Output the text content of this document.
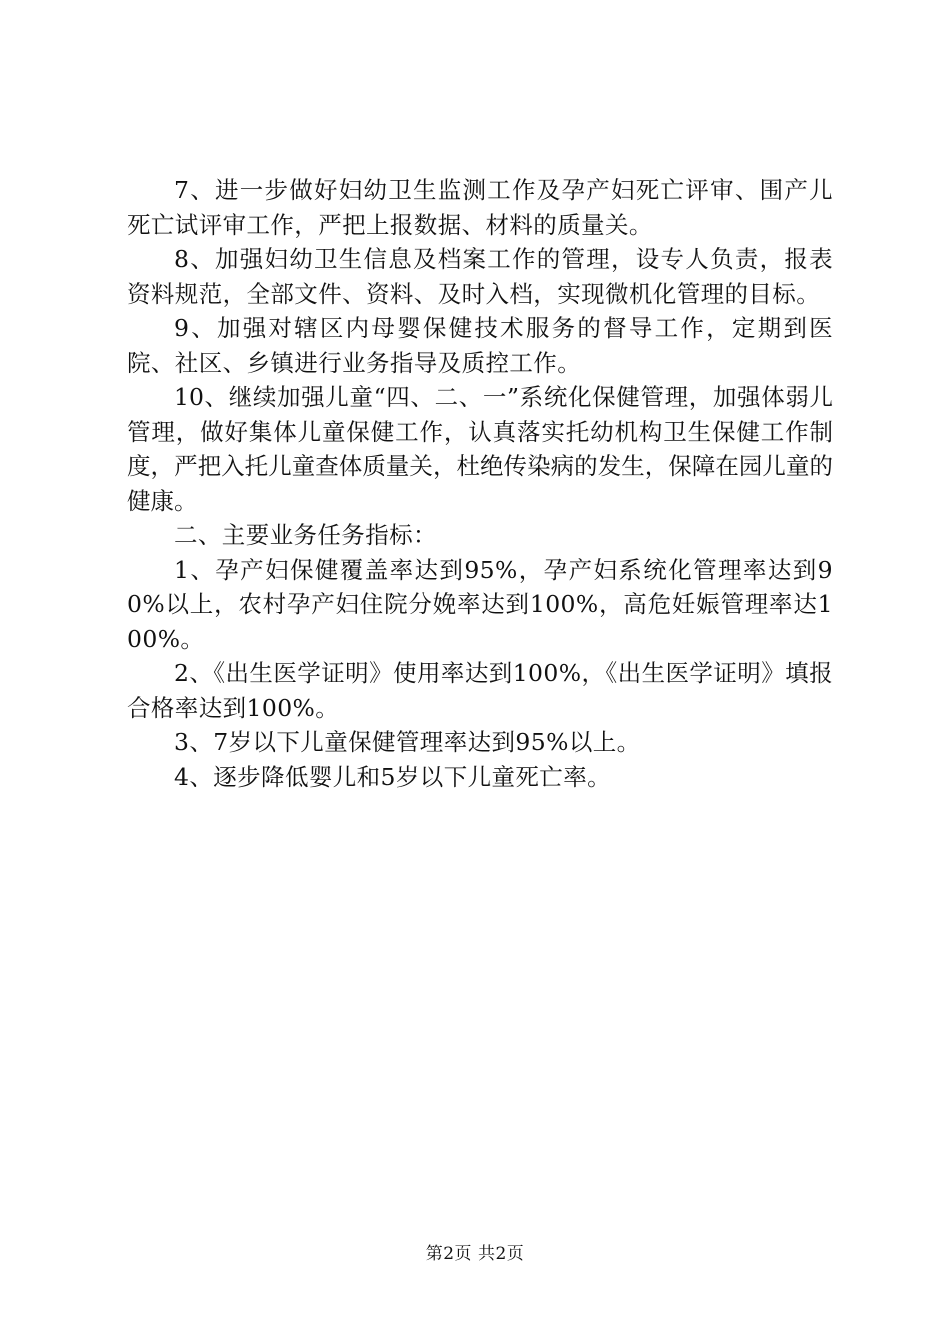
7、进一步做好妇幼卫生监测工作及孕产妇死亡评审、围产儿死亡试评审工作，严把上报数据、材料的质量关。

8、加强妇幼卫生信息及档案工作的管理，设专人负责，报表资料规范，全部文件、资料、及时入档，实现微机化管理的目标。

9、加强对辖区内母婴保健技术服务的督导工作，定期到医院、社区、乡镇进行业务指导及质控工作。

10、继续加强儿童“四、二、一”系统化保健管理，加强体弱儿管理，做好集体儿童保健工作，认真落实托幼机构卫生保健工作制度，严把入托儿童查体质量关，杜绝传染病的发生，保障在园儿童的健康。

二、主要业务任务指标：

1、孕产妇保健覆盖率达到95%，孕产妇系统化管理率达到90%以上，农村孕产妇住院分娩率达到100%，高危妊娠管理率达100%。

2、《出生医学证明》使用率达到100%，《出生医学证明》填报合格率达到100%。

3、7岁以下儿童保健管理率达到95%以上。

4、逐步降低婴儿和5岁以下儿童死亡率。

第2页 共2页
